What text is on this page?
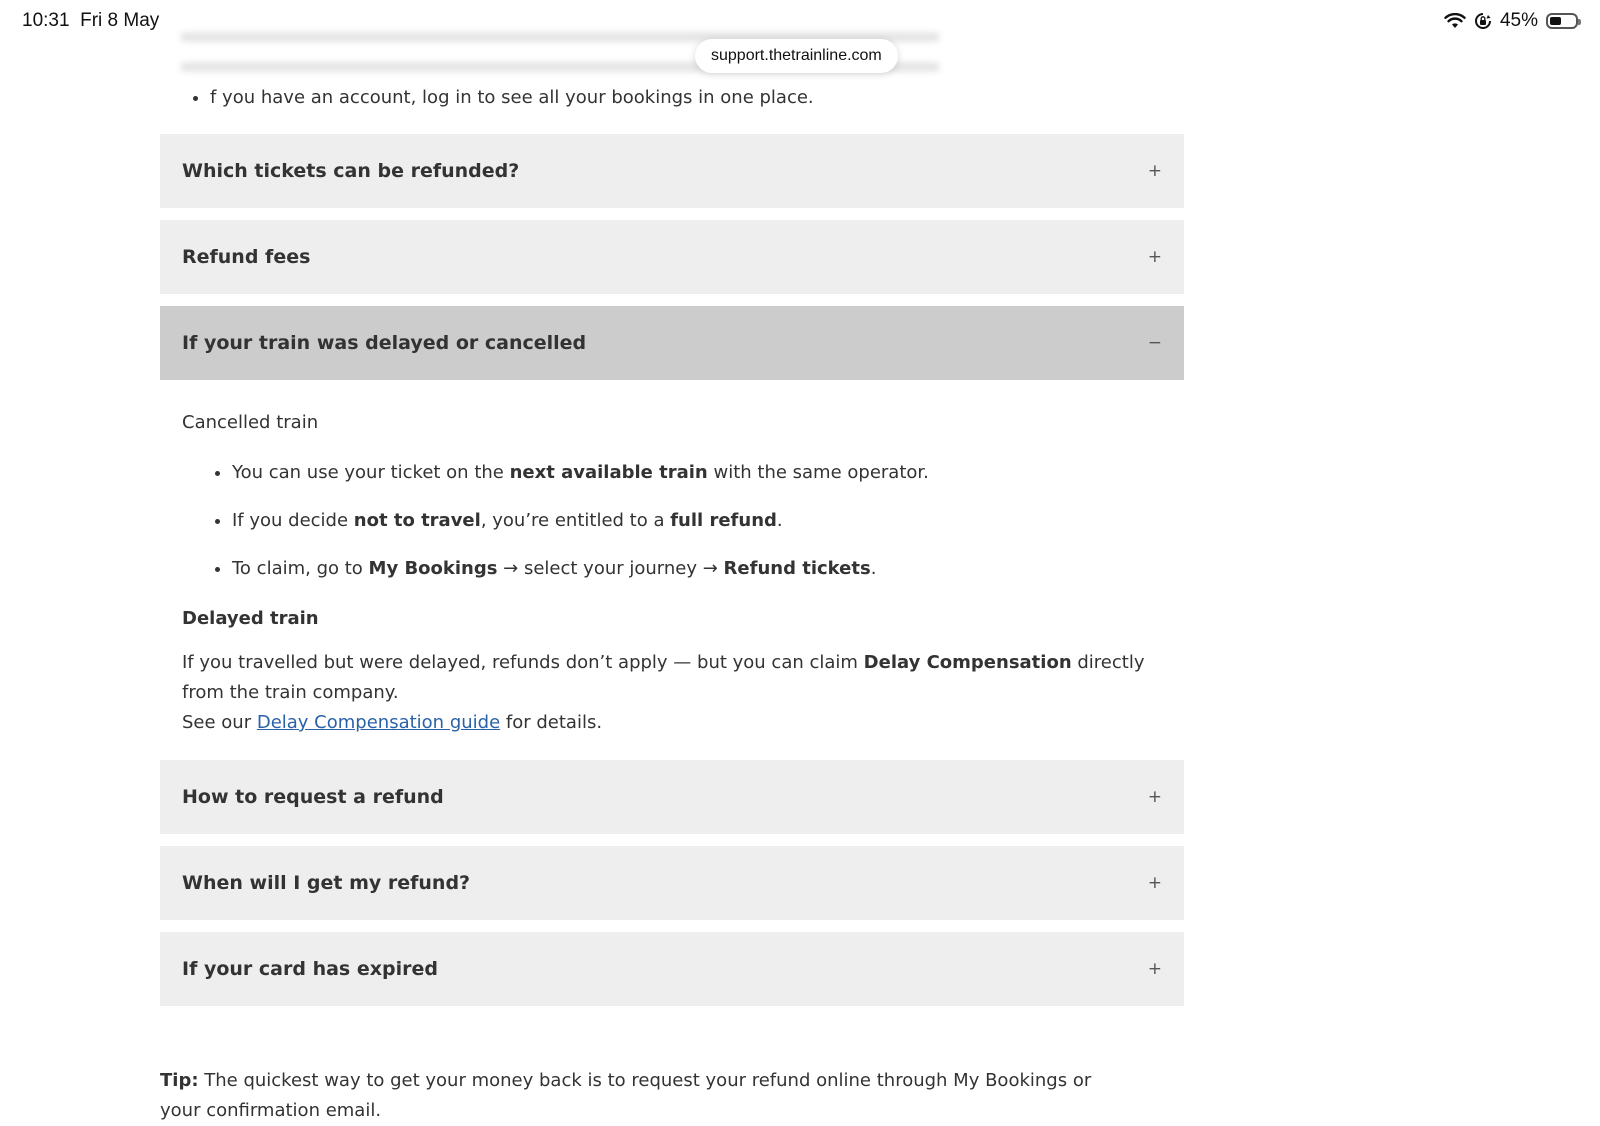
10:31 Fri 8 May	45%
support.thetrainline.com
• f you have an account, log in to see all your bookings in one place.
Which tickets can be refunded?	+
Refund fees	+
If your train was delayed or cancelled	−

Cancelled train

• You can use your ticket on the next available train with the same operator.
• If you decide not to travel, you’re entitled to a full refund.
• To claim, go to My Bookings → select your journey → Refund tickets.

Delayed train

If you travelled but were delayed, refunds don’t apply — but you can claim Delay Compensation directly from the train company.
See our Delay Compensation guide for details.

How to request a refund	+
When will I get my refund?	+
If your card has expired	+
Tip: The quickest way to get your money back is to request your refund online through My Bookings or your confirmation email.
